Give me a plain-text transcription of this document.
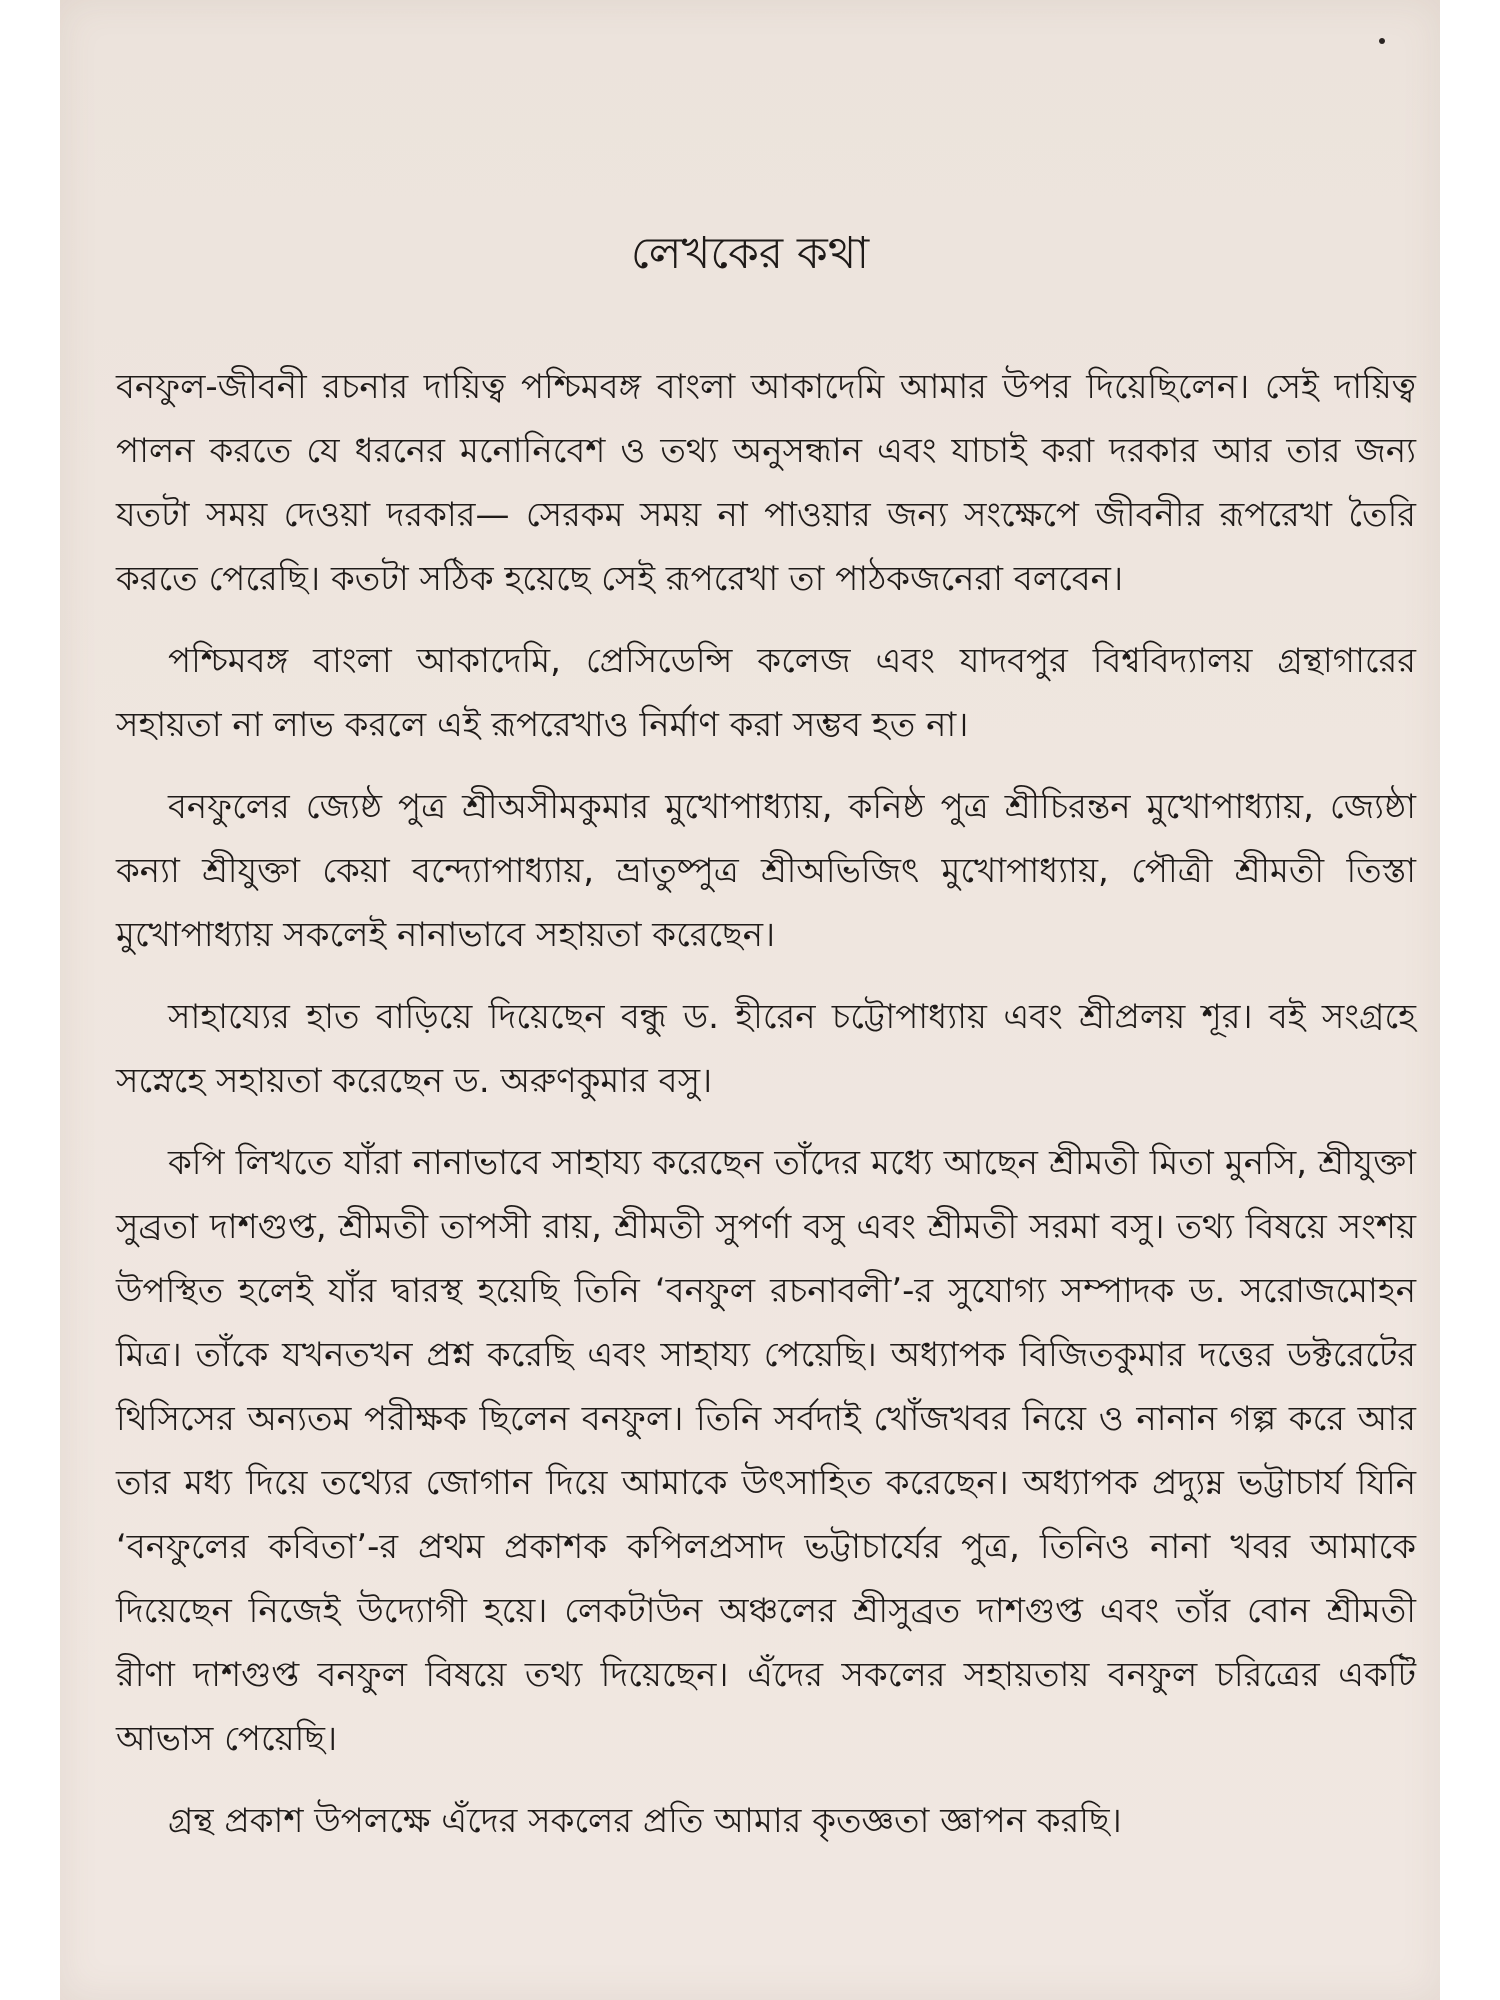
লেখকের কথা

বনফুল-জীবনী রচনার দায়িত্ব পশ্চিমবঙ্গ বাংলা আকাদেমি আমার উপর দিয়েছিলেন। সেই দায়িত্ব পালন করতে যে ধরনের মনোনিবেশ ও তথ্য অনুসন্ধান এবং যাচাই করা দরকার আর তার জন্য যতটা সময় দেওয়া দরকার— সেরকম সময় না পাওয়ার জন্য সংক্ষেপে জীবনীর রূপরেখা তৈরি করতে পেরেছি। কতটা সঠিক হয়েছে সেই রূপরেখা তা পাঠকজনেরা বলবেন।

পশ্চিমবঙ্গ বাংলা আকাদেমি, প্রেসিডেন্সি কলেজ এবং যাদবপুর বিশ্ববিদ্যালয় গ্রন্থাগারের সহায়তা না লাভ করলে এই রূপরেখাও নির্মাণ করা সম্ভব হত না।

বনফুলের জ্যেষ্ঠ পুত্র শ্রীঅসীমকুমার মুখোপাধ্যায়, কনিষ্ঠ পুত্র শ্রীচিরন্তন মুখোপাধ্যায়, জ্যেষ্ঠা কন্যা শ্রীযুক্তা কেয়া বন্দ্যোপাধ্যায়, ভ্রাতুষ্পুত্র শ্রীঅভিজিৎ মুখোপাধ্যায়, পৌত্রী শ্রীমতী তিস্তা মুখোপাধ্যায় সকলেই নানাভাবে সহায়তা করেছেন।

সাহায্যের হাত বাড়িয়ে দিয়েছেন বন্ধু ড. হীরেন চট্টোপাধ্যায় এবং শ্রীপ্রলয় শূর। বই সংগ্রহে সস্নেহে সহায়তা করেছেন ড. অরুণকুমার বসু।

কপি লিখতে যাঁরা নানাভাবে সাহায্য করেছেন তাঁদের মধ্যে আছেন শ্রীমতী মিতা মুনসি, শ্রীযুক্তা সুব্রতা দাশগুপ্ত, শ্রীমতী তাপসী রায়, শ্রীমতী সুপর্ণা বসু এবং শ্রীমতী সরমা বসু। তথ্য বিষয়ে সংশয় উপস্থিত হলেই যাঁর দ্বারস্থ হয়েছি তিনি ‘বনফুল রচনাবলী’-র সুযোগ্য সম্পাদক ড. সরোজমোহন মিত্র। তাঁকে যখনতখন প্রশ্ন করেছি এবং সাহায্য পেয়েছি। অধ্যাপক বিজিতকুমার দত্তের ডক্টরেটের থিসিসের অন্যতম পরীক্ষক ছিলেন বনফুল। তিনি সর্বদাই খোঁজখবর নিয়ে ও নানান গল্প করে আর তার মধ্য দিয়ে তথ্যের জোগান দিয়ে আমাকে উৎসাহিত করেছেন। অধ্যাপক প্রদ্যুম্ন ভট্টাচার্য যিনি ‘বনফুলের কবিতা’-র প্রথম প্রকাশক কপিলপ্রসাদ ভট্টাচার্যের পুত্র, তিনিও নানা খবর আমাকে দিয়েছেন নিজেই উদ্যোগী হয়ে। লেকটাউন অঞ্চলের শ্রীসুব্রত দাশগুপ্ত এবং তাঁর বোন শ্রীমতী রীণা দাশগুপ্ত বনফুল বিষয়ে তথ্য দিয়েছেন। এঁদের সকলের সহায়তায় বনফুল চরিত্রের একটি আভাস পেয়েছি।

গ্রন্থ প্রকাশ উপলক্ষে এঁদের সকলের প্রতি আমার কৃতজ্ঞতা জ্ঞাপন করছি।
